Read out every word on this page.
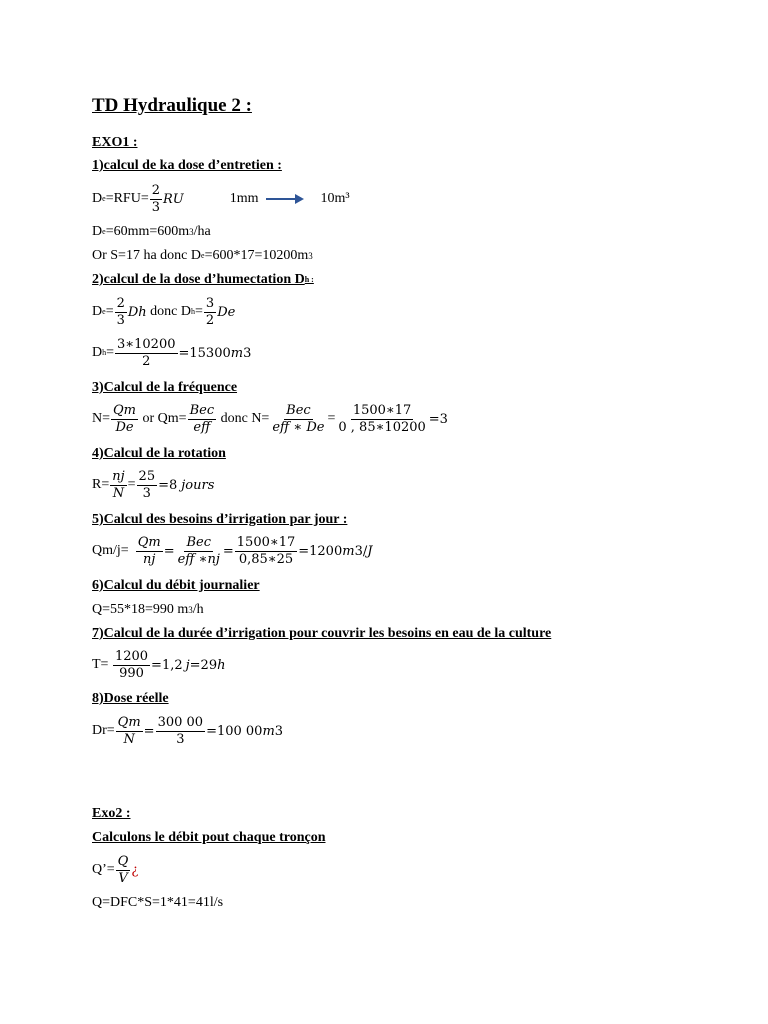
TD Hydraulique 2 :
EXO1 :
1)calcul de ka dose d’entretien :
D $e =RFU= \frac{2}{3}$ RU	1mm	10m³
D e =60mm=600m 3 /ha
Or S=17 ha donc D e =600*17=10200m 3
2)calcul de la dose d’humectation D h :
D $e = \frac{2}{3}$ Dh donc D $h = \frac{3}{2}$ De
D $h = \frac{3∗10200}{2} =15300$ m 3
3)Calcul de la fréquence
$N= \frac{Qm}{De}$ or $Qm= \frac{\text{Bec}}{\text{eff}}$ donc $N= \frac{\text{Bec}}{\text{eff ∗ De}} = \frac{1500∗17}{0 , 85∗10200} =3$
4)Calcul de la rotation
$R= \frac{nj}{N} = \frac{25}{3} =8$ jours
5)Calcul des besoins d’irrigation par jour :
$Qm/j= \frac{Qm}{nj} = \frac{\text{Bec}}{\text{eff ∗nj}} = \frac{1500∗17}{0,85∗25} =1200$ m 3/ J
6)Calcul du débit journalier
Q=55*18=990 m 3 /h
7)Calcul de la durée d’irrigation pour couvrir les besoins en eau de la culture
$T= \frac{1200}{990} =1,2$ j =29 h
8)Dose réelle
$Dr= \frac{Qm}{N} = \frac{300 00}{3} =100$ 00 m 3
Exo2 :
Calculons le débit pout chaque tronçon
Q’= $\frac{Q}{V}$ ¿
Q=DFC*S=1*41=41l/s
